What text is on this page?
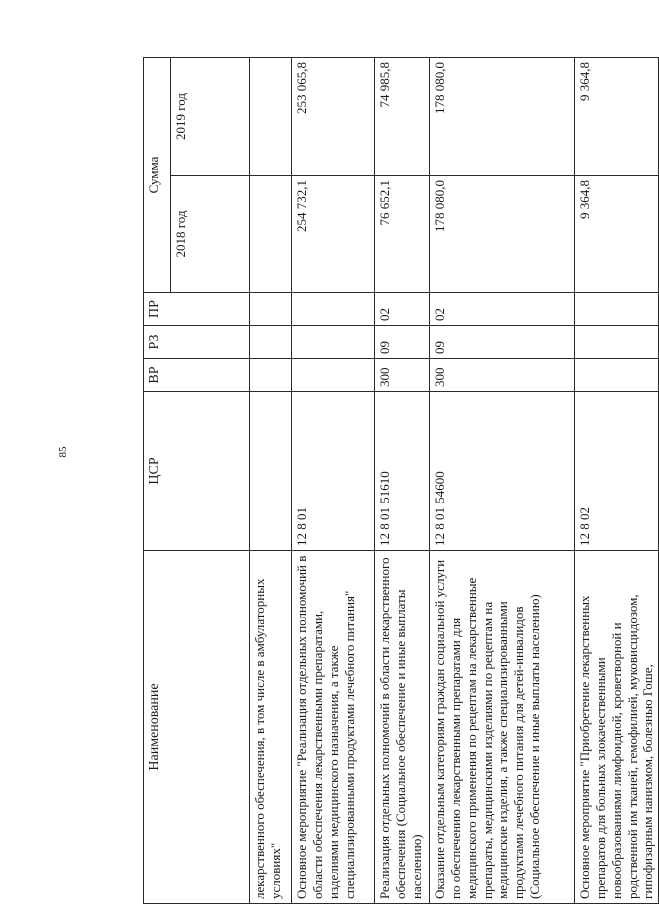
85
Наименование	ЦСР	ВР	РЗ	ПР	Сумма	
					2018 год	2019 год
лекарственного обеспечения, в том числе в амбулаторных условиях"						
Основное мероприятие "Реализация отдельных полномочий в области обеспечения лекарственными препаратами, изделиями медицинского назначения, а также специализированными продуктами лечебного питания"	12 8 01				254 732,1	253 065,8
Реализация отдельных полномочий в области лекарственного обеспечения (Социальное обеспечение и иные выплаты населению)	12 8 01 51610	300	09	02	76 652,1	74 985,8
Оказание отдельным категориям граждан социальной услуги по обеспечению лекарственными препаратами для медицинского применения по рецептам на лекарственные препараты, медицинскими изделиями по рецептам на медицинские изделия, а также специализированными продуктами лечебного питания для детей-инвалидов (Социальное обеспечение и иные выплаты населению)	12 8 01 54600	300	09	02	178 080,0	178 080,0
Основное мероприятие "Приобретение лекарственных препаратов для больных злокачественными новообразованиями лимфоидной, кроветворной и родственной им тканей, гемофилией, муковисцидозом, гипофизарным нанизмом, болезнью Гоше,	12 8 02				9 364,8	9 364,8
